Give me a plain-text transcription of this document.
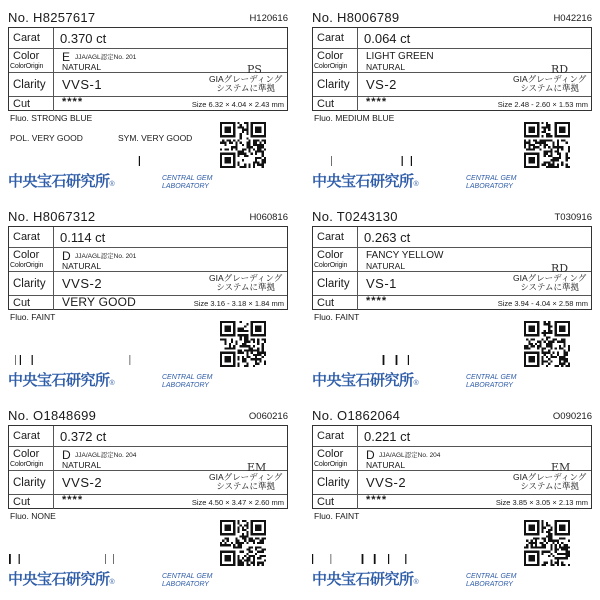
No. H8257617	H120616
Carat 0.370 ct
Color
ColorOrigin
E JJA/AGL認定No. 201
NATURAL
Clarity VVS-1	GIAグレーディング
システムに準拠
PS
Cut	****	Size 6.32 × 4.04 × 2.43 mm
Fluo. STRONG BLUE
POL. VERY GOOD	SYM. VERY GOOD
中央宝石研究所®
CENTRAL GEM
LABORATORY
No. H8006789	H042216
Carat 0.064 ct
Color
ColorOrigin
LIGHT GREEN
NATURAL
Clarity VS-2	GIAグレーディング
システムに準拠
RD
Cut	****	Size 2.48 - 2.60 × 1.53 mm
Fluo. MEDIUM BLUE
中央宝石研究所®
CENTRAL GEM
LABORATORY
No. H8067312	H060816
Carat 0.114 ct
Color
ColorOrigin
D JJA/AGL認定No. 201
NATURAL
Clarity VVS-2	GIAグレーディング
システムに準拠
Cut	VERY GOOD	Size 3.16 - 3.18 × 1.84 mm
Fluo. FAINT
中央宝石研究所®
CENTRAL GEM
LABORATORY
No. T0243130	T030916
Carat 0.263 ct
Color
ColorOrigin
FANCY YELLOW
NATURAL
Clarity VS-1	GIAグレーディング
システムに準拠
RD
Cut	****	Size 3.94 - 4.04 × 2.58 mm
Fluo. FAINT
中央宝石研究所®
CENTRAL GEM
LABORATORY
No. O1848699	O060216
Carat 0.372 ct
Color
ColorOrigin
D JJA/AGL認定No. 204
NATURAL
Clarity VVS-2	GIAグレーディング
システムに準拠
EM
Cut	****	Size 4.50 × 3.47 × 2.60 mm
Fluo. NONE
中央宝石研究所®
CENTRAL GEM
LABORATORY
No. O1862064	O090216
Carat 0.221 ct
Color
ColorOrigin
D JJA/AGL認定No. 204
NATURAL
Clarity VVS-2	GIAグレーディング
システムに準拠
EM
Cut	****	Size 3.85 × 3.05 × 2.13 mm
Fluo. FAINT
中央宝石研究所®
CENTRAL GEM
LABORATORY
